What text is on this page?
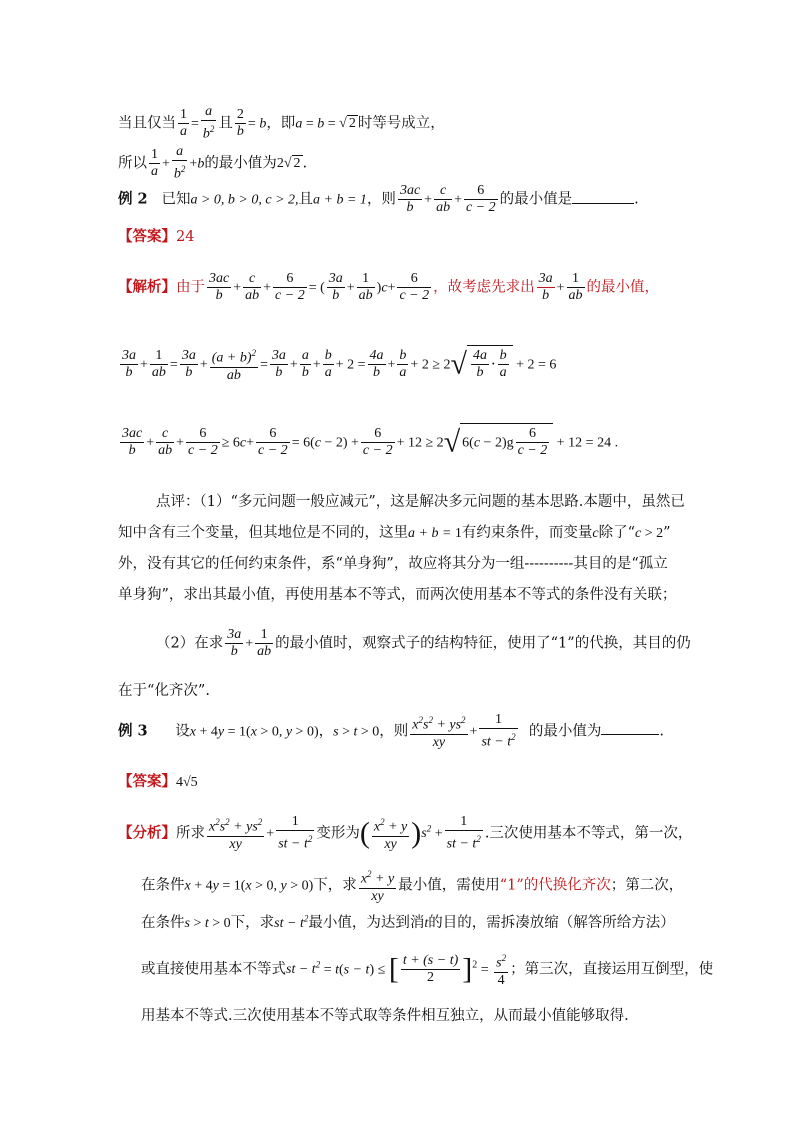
当且仅当 $\frac{1}{a} = \frac{a}{b^2}$ 且 $\frac{2}{b} = b$，即a = b = √ 2 时等号成立，
所以 $\frac{1}{a} + \frac{a}{b^2} +b$的最小值为2√ 2 .
例 2 已知a > 0, b > 0, c > 2,且a + b = 1，则 $\frac{3ac}{b} + \frac{c}{ab} + \frac{6}{c - 2}$ 的最小值是	.
【答案】24
【解析】由于 $\frac{3ac}{b} + \frac{c}{ab} + \frac{6}{c - 2}$ = ( $\frac{3a}{b} + \frac{1}{ab} )c+ \frac{6}{c - 2}$ ，故考虑先求出 $\frac{3a}{b} + \frac{1}{ab}$ 的最小值，
$\frac{3a}{b} + \frac{1}{ab} = \frac{3a}{b} + \frac{(a + b)^2}{ab} = \frac{3a}{b} + \frac{a}{b} + \frac{b}{a} + 2 = \frac{4a}{b} + \frac{b}{a} + 2 \ge 2√ \frac{4a}{b} \cdot \frac{b}{a} + 2 = 6$
$\frac{3ac}{b} + \frac{c}{ab} + \frac{6}{c - 2} \ge 6c+ \frac{6}{c - 2} = 6(c - 2) + \frac{6}{c - 2} + 12 \ge 2√$ $6(c - 2)g \frac{6}{c - 2} + 12 = 24$ .
点评：（1）“多元问题一般应减元”，这是解决多元问题的基本思路.本题中，虽然已
知中含有三个变量，但其地位是不同的，这里a + b = 1有约束条件，而变量c除了“c > 2”
外，没有其它的任何约束条件，系“单身狗”，故应将其分为一组----------其目的是“孤立
单身狗”，求出其最小值，再使用基本不等式，而两次使用基本不等式的条件没有关联；
（2）在求 $\frac{3a}{b} + \frac{1}{ab}$ 的最小值时，观察式子的结构特征，使用了“1”的代换，其目的仍
在于“化齐次”.
例 3 设x + 4y = 1(x > 0, y > 0)，s > t > 0，则 $\frac{x^2s^2 + ys^2}{xy} + \frac{1}{st - t^2}$ 的最小值为	.
【答案】4√5
【分析】所求 $\frac{x^2s^2 + ys^2}{xy} + \frac{1}{st - t^2}$ 变形为( $\frac{x^2 + y}{xy} )s^2 + \frac{1}{st - t^2}$ .三次使用基本不等式，第一次，
在条件x + 4y = 1(x > 0, y > 0)下，求 $\frac{x^2 + y}{xy}$ 最小值，需使用“1”的代换化齐次；第二次，
在条件s > t > 0下，求st − $t^2$最小值，为达到消t的目的，需拆凑放缩（解答所给方法）
或直接使用基本不等式st − $t^2 = t(s - t)$ ≤ [ $\frac{t + (s - t)}{2} ]^2 = \frac{s^2}{4}$ ；第三次，直接运用互倒型，使
用基本不等式.三次使用基本不等式取等条件相互独立，从而最小值能够取得.
